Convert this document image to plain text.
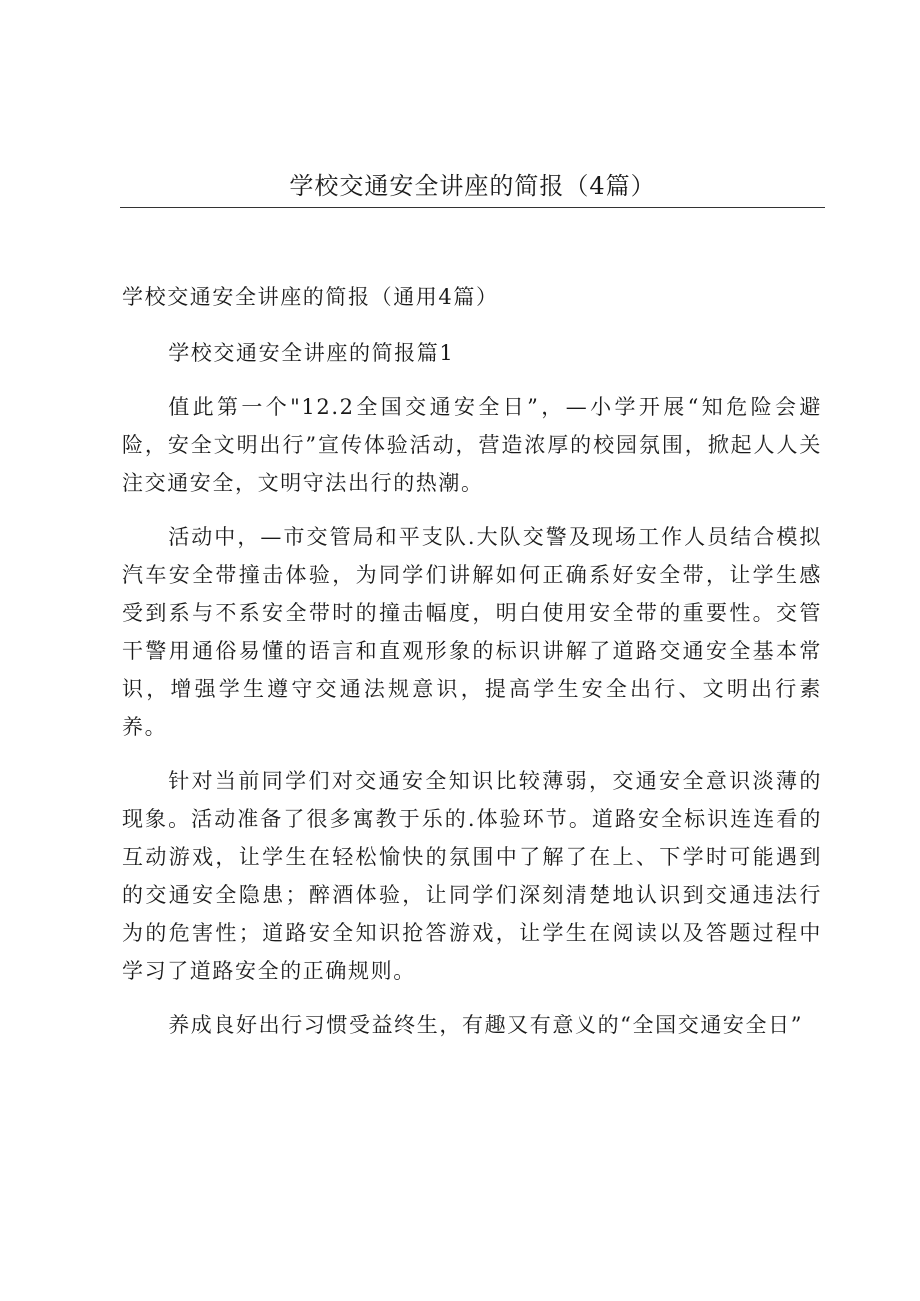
学校交通安全讲座的简报（4篇）

学校交通安全讲座的简报（通用4篇）

学校交通安全讲座的简报篇1

值此第一个"12.2全国交通安全日”，—小学开展“知危险会避险，安全文明出行”宣传体验活动，营造浓厚的校园氛围，掀起人人关注交通安全，文明守法出行的热潮。

活动中，—市交管局和平支队.大队交警及现场工作人员结合模拟汽车安全带撞击体验，为同学们讲解如何正确系好安全带，让学生感受到系与不系安全带时的撞击幅度，明白使用安全带的重要性。交管干警用通俗易懂的语言和直观形象的标识讲解了道路交通安全基本常识，增强学生遵守交通法规意识，提高学生安全出行、文明出行素养。

针对当前同学们对交通安全知识比较薄弱，交通安全意识淡薄的现象。活动准备了很多寓教于乐的.体验环节。道路安全标识连连看的互动游戏，让学生在轻松愉快的氛围中了解了在上、下学时可能遇到的交通安全隐患；醉酒体验，让同学们深刻清楚地认识到交通违法行为的危害性；道路安全知识抢答游戏，让学生在阅读以及答题过程中学习了道路安全的正确规则。

养成良好出行习惯受益终生，有趣又有意义的“全国交通安全日”
